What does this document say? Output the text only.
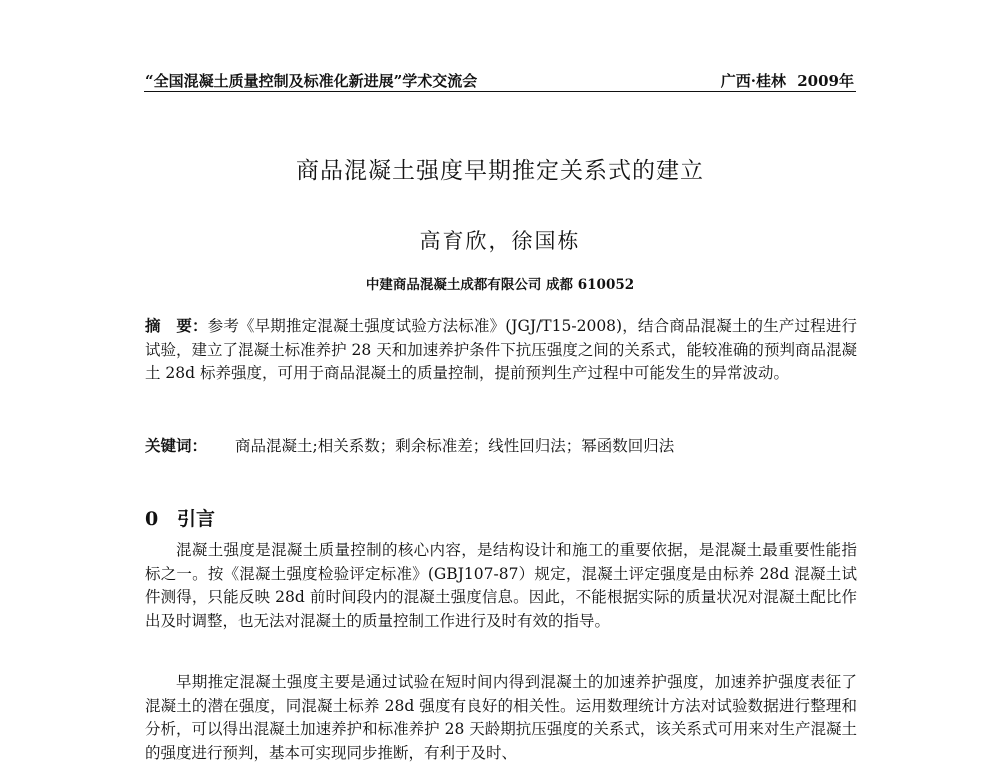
“全国混凝土质量控制及标准化新进展”学术交流会	广西·桂林 2009年
商品混凝土强度早期推定关系式的建立
高育欣，徐国栋
中建商品混凝土成都有限公司 成都 610052
摘　要：参考《早期推定混凝土强度试验方法标准》(JGJ/T15-2008)，结合商品混凝土的生产过程进行试验，建立了混凝土标准养护 28 天和加速养护条件下抗压强度之间的关系式，能较准确的预判商品混凝土 28d 标养强度，可用于商品混凝土的质量控制，提前预判生产过程中可能发生的异常波动。
关键词： 商品混凝土;相关系数；剩余标准差；线性回归法；幂函数回归法
0 引言
混凝土强度是混凝土质量控制的核心内容，是结构设计和施工的重要依据，是混凝土最重要性能指标之一。按《混凝土强度检验评定标准》(GBJ107-87）规定，混凝土评定强度是由标养 28d 混凝土试件测得，只能反映 28d 前时间段内的混凝土强度信息。因此，不能根据实际的质量状况对混凝土配比作出及时调整，也无法对混凝土的质量控制工作进行及时有效的指导。
早期推定混凝土强度主要是通过试验在短时间内得到混凝土的加速养护强度，加速养护强度表征了混凝土的潜在强度，同混凝土标养 28d 强度有良好的相关性。运用数理统计方法对试验数据进行整理和分析，可以得出混凝土加速养护和标准养护 28 天龄期抗压强度的关系式，该关系式可用来对生产混凝土的强度进行预判，基本可实现同步推断，有利于及时、
